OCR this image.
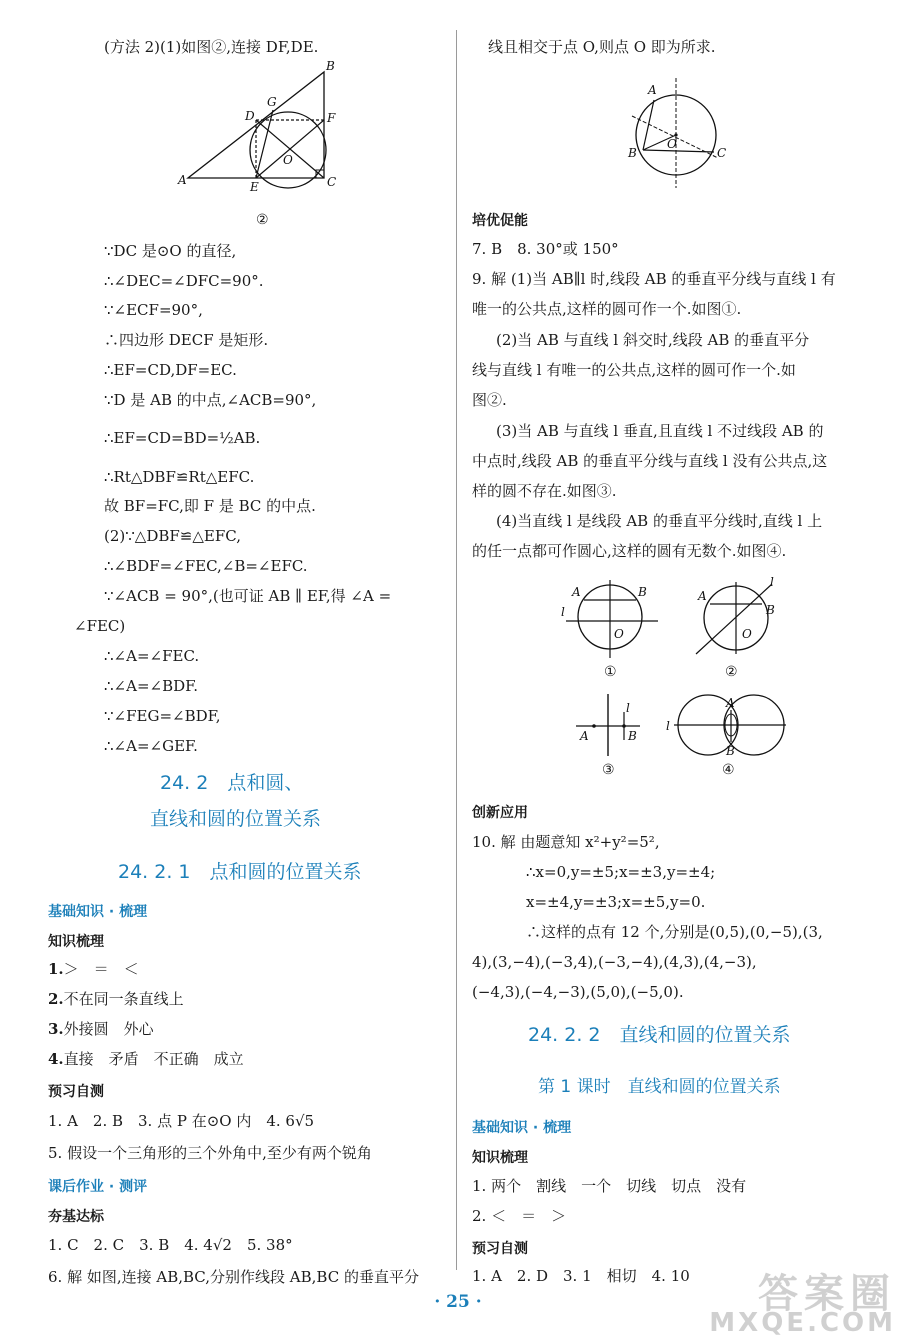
(方法 2)(1)如图②,连接 DF,DE.
A
B
C
D
E
F
G
O
②
∵DC 是⊙O 的直径,
∴∠DEC=∠DFC=90°.
∵∠ECF=90°,
∴四边形 DECF 是矩形.
∴EF=CD,DF=EC.
∵D 是 AB 的中点,∠ACB=90°,
∴EF=CD=BD=½AB.
∴Rt△DBF≌Rt△EFC.
故 BF=FC,即 F 是 BC 的中点.
(2)∵△DBF≌△EFC,
∴∠BDF=∠FEC,∠B=∠EFC.
∵∠ACB = 90°,(也可证 AB ∥ EF,得 ∠A =
∠FEC)
∴∠A=∠FEC.
∴∠A=∠BDF.
∵∠FEG=∠BDF,
∴∠A=∠GEF.
24. 2　点和圆、
直线和圆的位置关系
24. 2. 1　点和圆的位置关系
基础知识 · 梳理
知识梳理
1.＞　＝　＜
2.不在同一条直线上
3.外接圆　外心
4.直接　矛盾　不正确　成立
预习自测
1. A　2. B　3. 点 P 在⊙O 内　4. 6√5
5. 假设一个三角形的三个外角中,至少有两个锐角
课后作业 · 测评
夯基达标
1. C　2. C　3. B　4. 4√2　5. 38°
6. 解 如图,连接 AB,BC,分别作线段 AB,BC 的垂直平分
线且相交于点 O,则点 O 即为所求.
A
B	C
O
培优促能
7. B　8. 30°或 150°
9. 解 (1)当 AB∥l 时,线段 AB 的垂直平分线与直线 l 有
唯一的公共点,这样的圆可作一个.如图①.
(2)当 AB 与直线 l 斜交时,线段 AB 的垂直平分
线与直线 l 有唯一的公共点,这样的圆可作一个.如
图②.
(3)当 AB 与直线 l 垂直,且直线 l 不过线段 AB 的
中点时,线段 AB 的垂直平分线与直线 l 没有公共点,这
样的圆不存在.如图③.
(4)当直线 l 是线段 AB 的垂直平分线时,直线 l 上
的任一点都可作圆心,这样的圆有无数个.如图④.
l
A	B
O
①
l
A
B
O
②
l
A	B
③
l
A
B
④
创新应用
10. 解 由题意知 x²+y²=5²,
∴x=0,y=±5;x=±3,y=±4;
x=±4,y=±3;x=±5,y=0.
∴这样的点有 12 个,分别是(0,5),(0,−5),(3,
4),(3,−4),(−3,4),(−3,−4),(4,3),(4,−3),
(−4,3),(−4,−3),(5,0),(−5,0).
24. 2. 2　直线和圆的位置关系
第 1 课时　直线和圆的位置关系
基础知识 · 梳理
知识梳理
1. 两个　割线　一个　切线　切点　没有
2. ＜　＝　＞
预习自测
1. A　2. D　3. 1　相切　4. 10
· 25 ·	答案圈
MXQE.COM
